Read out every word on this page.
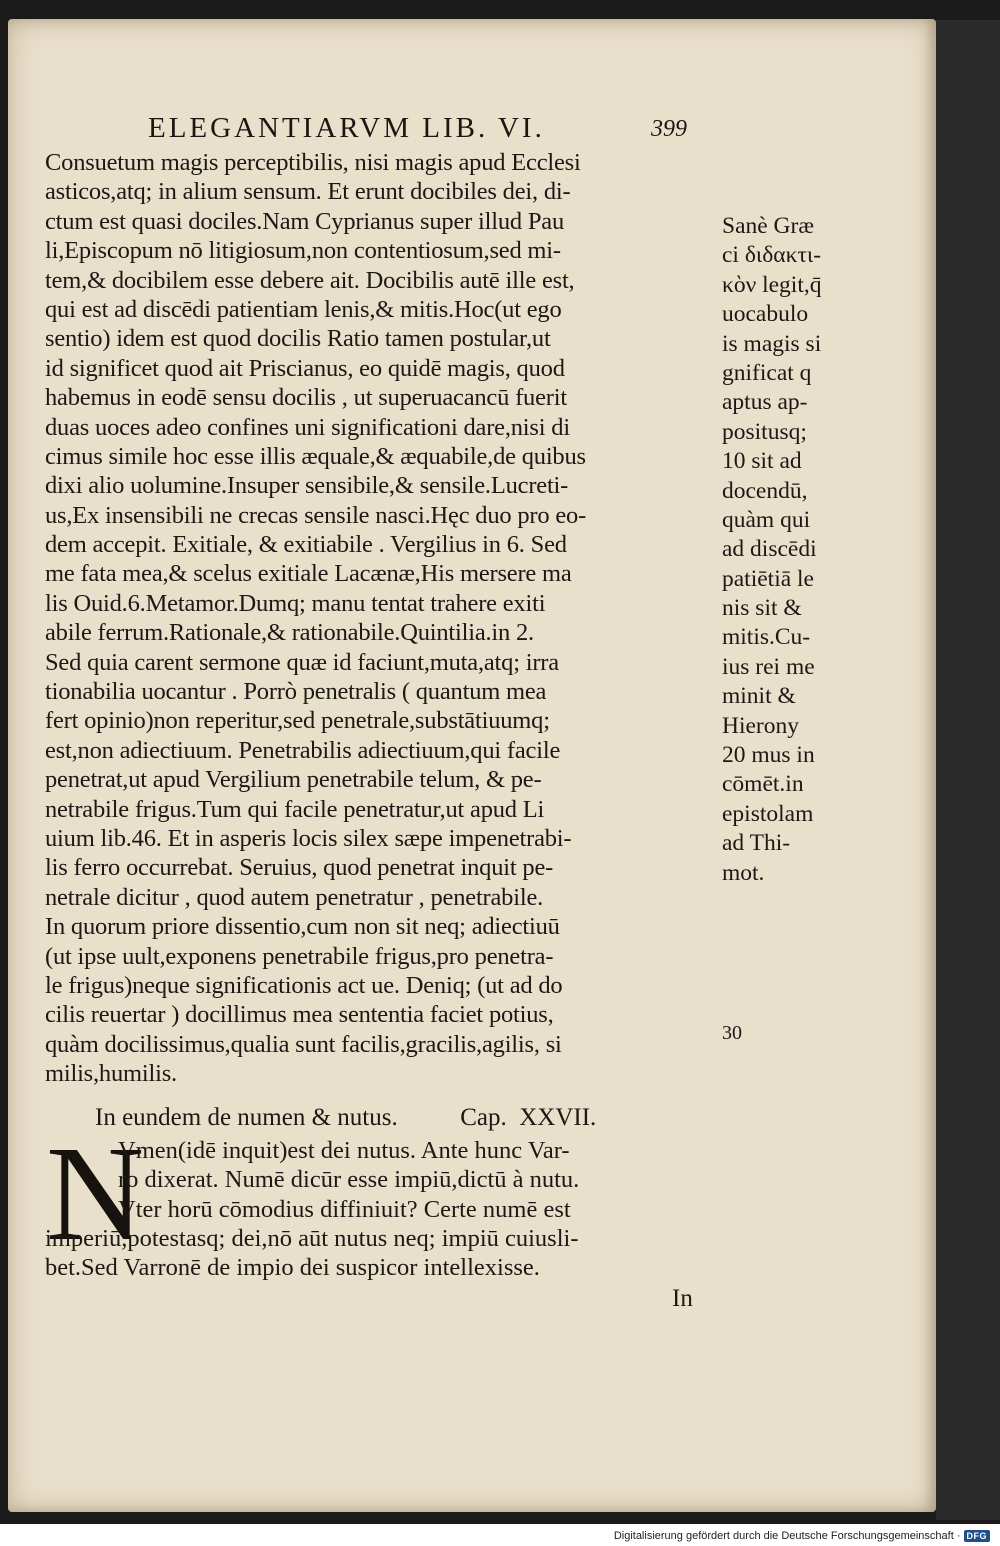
ELEGANTIARVM LIB. VI.	399
Consuetum magis perceptibilis, nisi magis apud Ecclesi
asticos,atq; in alium sensum. Et erunt docibiles dei, di-
ctum est quasi dociles.Nam Cyprianus super illud Pau
li,Episcopum nō litigiosum,non contentiosum,sed mi-
tem,& docibilem esse debere ait. Docibilis autē ille est,
qui est ad discēdi patientiam lenis,& mitis.Hoc(ut ego
sentio) idem est quod docilis Ratio tamen postular,ut
id significet quod ait Priscianus, eo quidē magis, quod
habemus in eodē sensu docilis , ut superuacancū fuerit
duas uoces adeo confines uni significationi dare,nisi di
cimus simile hoc esse illis æquale,& æquabile,de quibus
dixi alio uolumine.Insuper sensibile,& sensile.Lucreti-
us,Ex insensibili ne crecas sensile nasci.Hęc duo pro eo-
dem accepit. Exitiale, & exitiabile . Vergilius in 6. Sed
me fata mea,& scelus exitiale Lacænæ,His mersere ma
lis Ouid.6.Metamor.Dumq; manu tentat trahere exiti
abile ferrum.Rationale,& rationabile.Quintilia.in 2.
Sed quia carent sermone quæ id faciunt,muta,atq; irra
tionabilia uocantur . Porrò penetralis ( quantum mea
fert opinio)non reperitur,sed penetrale,substātiuumq;
est,non adiectiuum. Penetrabilis adiectiuum,qui facile
penetrat,ut apud Vergilium penetrabile telum, & pe-
netrabile frigus.Tum qui facile penetratur,ut apud Li
uium lib.46. Et in asperis locis silex sæpe impenetrabi-
lis ferro occurrebat. Seruius, quod penetrat inquit pe-
netrale dicitur , quod autem penetratur , penetrabile.
In quorum priore dissentio,cum non sit neq; adiectiuū
(ut ipse uult,exponens penetrabile frigus,pro penetra-
le frigus)neque significationis act ue. Deniq; (ut ad do
cilis reuertar ) docillimus mea sententia faciet potius,
quàm docilissimus,qualia sunt facilis,gracilis,agilis, si
milis,humilis.
In eundem de numen & nutus.          Cap.  XXVII.
N
Vmen(idē inquit)est dei nutus. Ante hunc Var-
ro dixerat. Numē dicūr esse impiū,dictū à nutu.
Vter horū cōmodius diffiniuit? Certe numē est
imperiū,potestasq; dei,nō aūt nutus neq; impiū cuiusli-
bet.Sed Varronē de impio dei suspicor intellexisse.
In
Sanè Græ
ci διδακτι-
κὸν legit,q̄
uocabulo
is magis si
gnificat q
aptus ap-
positusq;
10 sit ad
docendū,
quàm qui
ad discēdi
patiētiā le
nis sit &
mitis.Cu-
ius rei me
minit &
Hierony
20 mus in
cōmēt.in
epistolam
ad Thi-
mot.
30
Digitalisierung gefördert durch die Deutsche Forschungsgemeinschaft · DFG
